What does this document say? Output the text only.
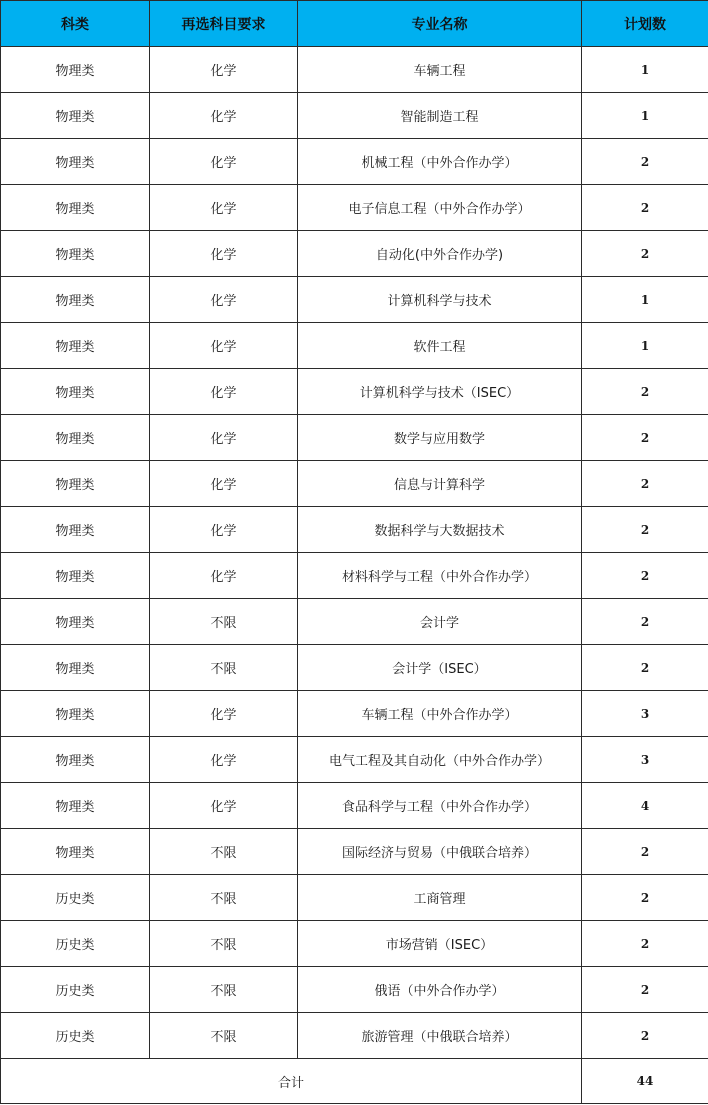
科类	再选科目要求	专业名称	计划数
物理类	化学	车辆工程	1
物理类	化学	智能制造工程	1
物理类	化学	机械工程（中外合作办学）	2
物理类	化学	电子信息工程（中外合作办学）	2
物理类	化学	自动化(中外合作办学)	2
物理类	化学	计算机科学与技术	1
物理类	化学	软件工程	1
物理类	化学	计算机科学与技术（ISEC）	2
物理类	化学	数学与应用数学	2
物理类	化学	信息与计算科学	2
物理类	化学	数据科学与大数据技术	2
物理类	化学	材料科学与工程（中外合作办学）	2
物理类	不限	会计学	2
物理类	不限	会计学（ISEC）	2
物理类	化学	车辆工程（中外合作办学）	3
物理类	化学	电气工程及其自动化（中外合作办学）	3
物理类	化学	食品科学与工程（中外合作办学）	4
物理类	不限	国际经济与贸易（中俄联合培养）	2
历史类	不限	工商管理	2
历史类	不限	市场营销（ISEC）	2
历史类	不限	俄语（中外合作办学）	2
历史类	不限	旅游管理（中俄联合培养）	2
合计			44
